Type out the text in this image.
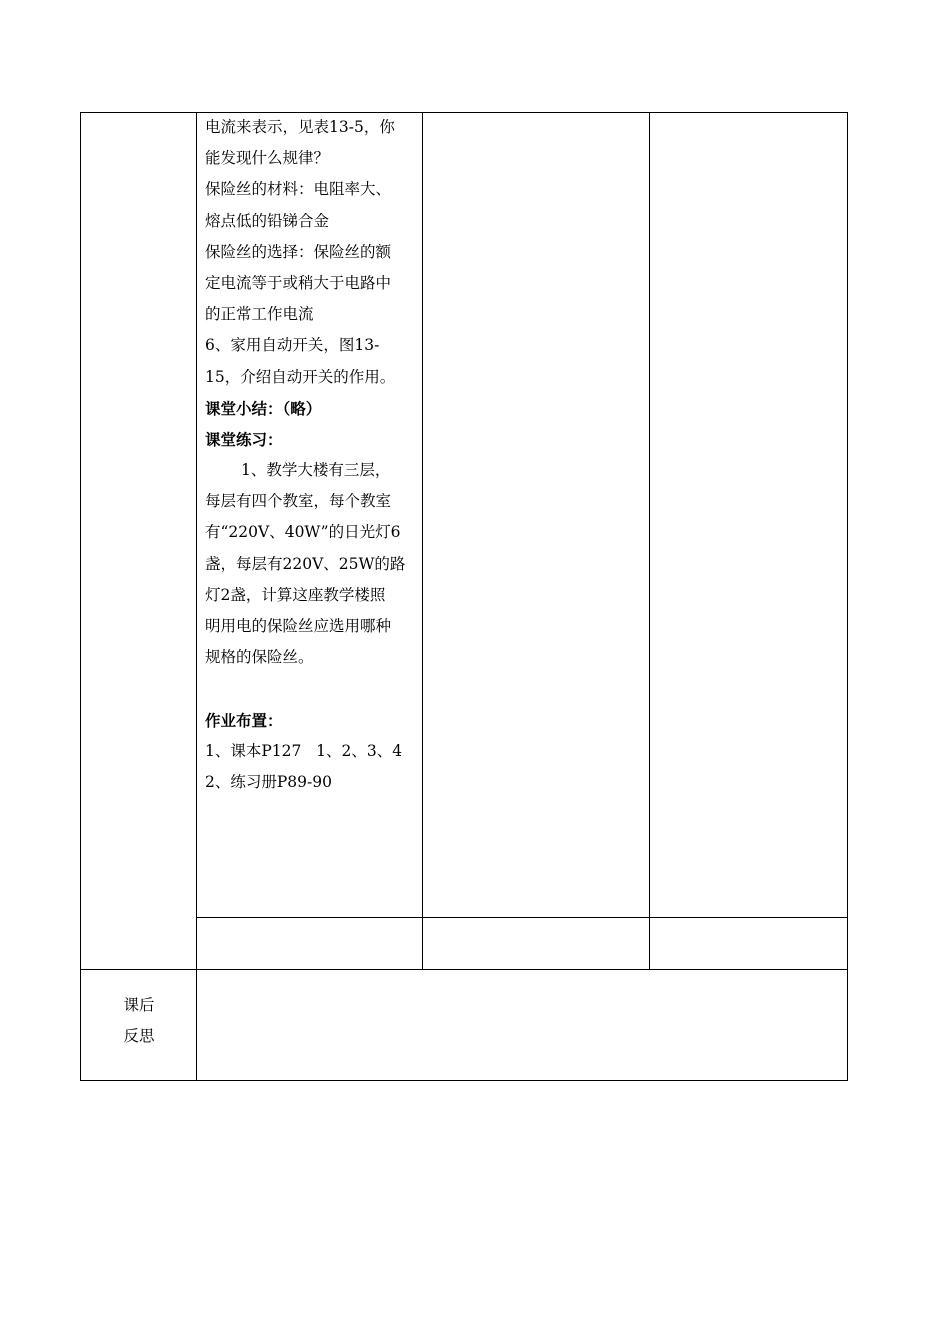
电流来表示，见表13-5，你
能发现什么规律？
保险丝的材料：电阻率大、
熔点低的铅锑合金
保险丝的选择：保险丝的额
定电流等于或稍大于电路中
的正常工作电流
6、家用自动开关，图13-
15，介绍自动开关的作用。
课堂小结：（略）
课堂练习：
1、教学大楼有三层，
每层有四个教室，每个教室
有“220V、40W”的日光灯6
盏，每层有220V、25W的路
灯2盏，计算这座教学楼照
明用电的保险丝应选用哪种
规格的保险丝。
作业布置：
1、课本P127   1、2、3、4
2、练习册P89-90
课后
反思
